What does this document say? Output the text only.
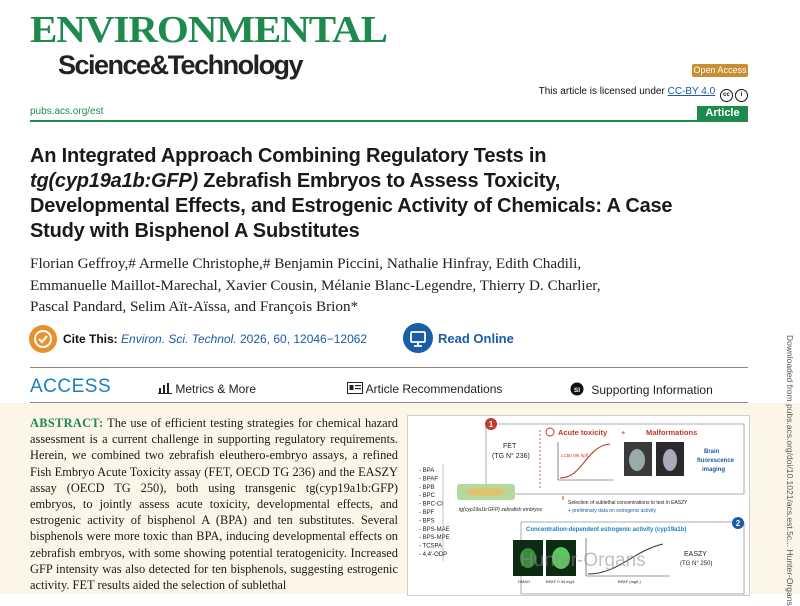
ENVIRONMENTAL
Science&Technology	Open Access
This article is licensed under CC-BY 4.0 cc i
pubs.acs.org/est	Article
An Integrated Approach Combining Regulatory Tests in
tg(cyp19a1b:GFP) Zebrafish Embryos to Assess Toxicity,
Developmental Effects, and Estrogenic Activity of Chemicals: A Case
Study with Bisphenol A Substitutes
Florian Geffroy,# Armelle Christophe,# Benjamin Piccini, Nathalie Hinfray, Edith Chadili,
Emmanuelle Maillot-Marechal, Xavier Cousin, Mélanie Blanc-Legendre, Thierry D. Charlier,
Pascal Pandard, Selim Aït-Aïssa, and François Brion*
Cite This: Environ. Sci. Technol. 2026, 60, 12046−12062	Read Online
ACCESS	Metrics & More	Article Recommendations	SI Supporting Information
ABSTRACT: The use of efficient testing strategies for chemical hazard assessment is a current challenge in supporting regulatory requirements. Herein, we combined two zebrafish eleuthero-embryo assays, a refined Fish Embryo Acute Toxicity assay (FET, OECD TG 236) and the EASZY assay (OECD TG 250), both using transgenic tg(cyp19a1b:GFP) embryos, to jointly assess acute toxicity, developmental effects, and estrogenic activity of bisphenol A (BPA) and ten substitutes. Several bisphenols were more toxic than BPA, inducing developmental effects on zebrafish embryos, with some showing potential teratogenicity. Increased GFP intensity was also detected for ten bisphenols, suggesting estrogenic activity. FET results aided the selection of sublethal
1
FET
(TG N° 236)
Acute toxicity
LC50 (96 hpf)
+	Malformations
Brain
fluorescence
imaging
- BPA
- BPAF
- BPB
- BPC
- BPC-Cl
- BPF
- BPS
- BPS-MAE
- BPS-MPE
- TCSPA
- 4,4'-ODP
tg(cyp19a1b:GFP) zebrafish embryos
Selection of sublethal concentrations to test in EASZY
+ preliminary data on estrogenic activity
2
Concentration-dependent estrogenic activity (cyp19a1b)
DMSO	BPAF 0.34 mg/L	BPAF (mg/L)
EASZY
(TG N° 250)	Downloaded from pubs.acs.org/doi/10.1021/acs.est.5c... Hunter-Organs
Hunter-Organs
